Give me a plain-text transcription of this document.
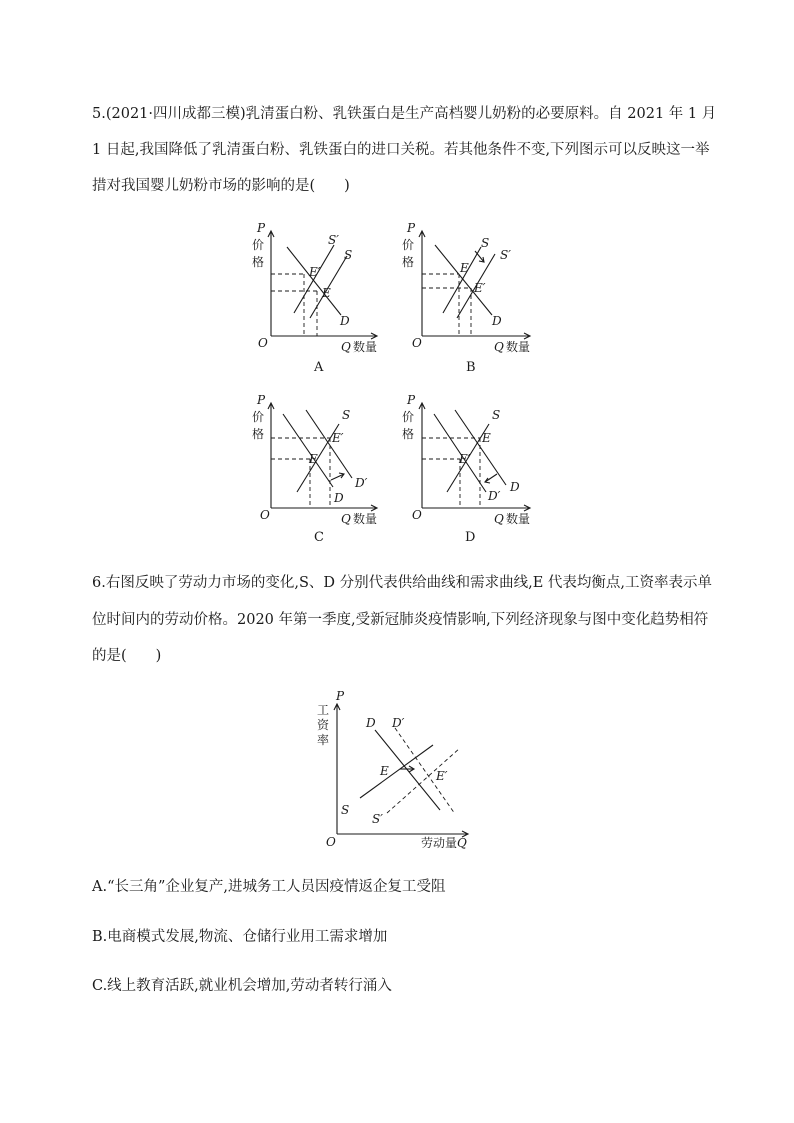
5.(2021·四川成都三模)乳清蛋白粉、乳铁蛋白是生产高档婴儿奶粉的必要原料。自 2021 年 1 月
1 日起,我国降低了乳清蛋白粉、乳铁蛋白的进口关税。若其他条件不变,下列图示可以反映这一举
措对我国婴儿奶粉市场的影响的是(　　)
P
价
格
O	Q 数量
S′
S
D
E′
E
A
P
价
格
O	Q 数量
S
S′
D
E
E′
B
P
价
格
O	Q 数量
S
D′
D
E′
E
C
P
价
格
O	Q 数量
S
D
D′
E
E′
D
6.右图反映了劳动力市场的变化,S、D 分别代表供给曲线和需求曲线,E 代表均衡点,工资率表示单
位时间内的劳动价格。2020 年第一季度,受新冠肺炎疫情影响,下列经济现象与图中变化趋势相符
的是(　　)
P
工
资
率
O	劳动量 Q
D D′
S
S′
E	E′
A.“长三角”企业复产,进城务工人员因疫情返企复工受阻
B.电商模式发展,物流、仓储行业用工需求增加
C.线上教育活跃,就业机会增加,劳动者转行涌入
